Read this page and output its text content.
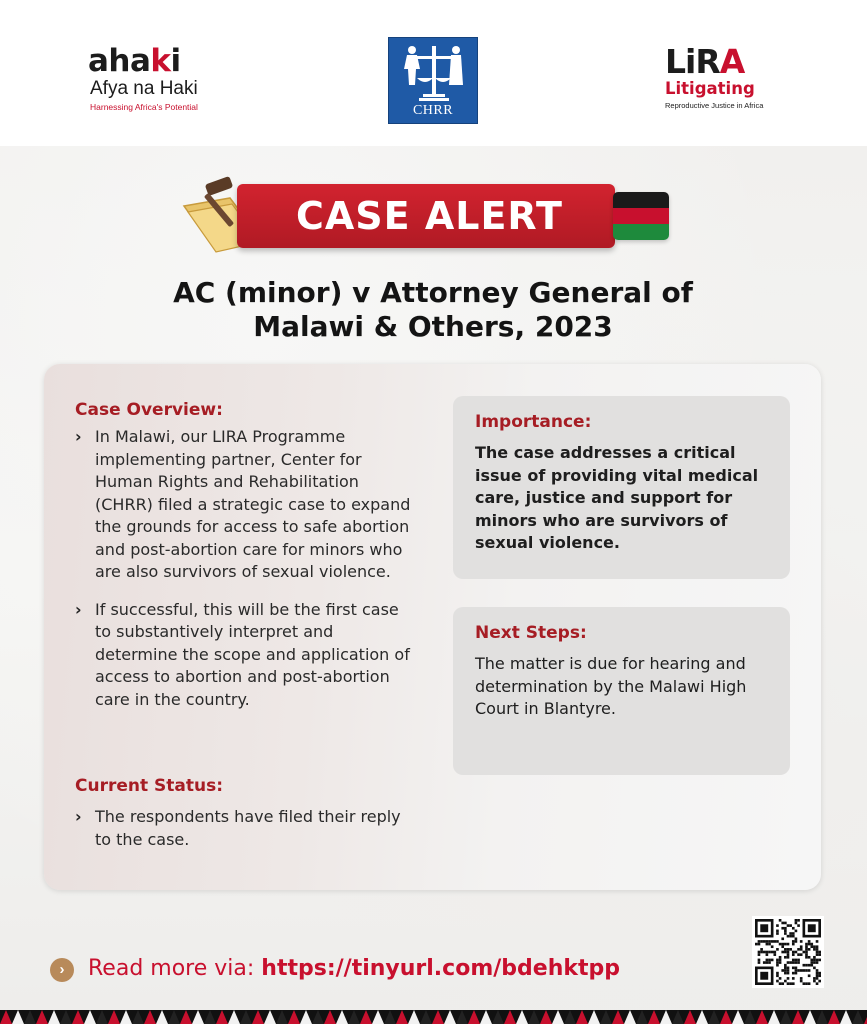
ahaki
Afya na Haki
Harnessing Africa's Potential	CHRR
LiRA
Litigating
Reproductive Justice in Africa
CASE ALERT
AC (minor) v Attorney General of
Malawi & Others, 2023
Case Overview:
› In Malawi, our LIRA Programme implementing partner, Center for Human Rights and Rehabilitation (CHRR) filed a strategic case to expand the grounds for access to safe abortion and post-abortion care for minors who are also survivors of sexual violence.
› If successful, this will be the first case to substantively interpret and determine the scope and application of access to abortion and post-abortion care in the country.
Current Status:
› The respondents have filed their reply to the case.
Importance:
The case addresses a critical issue of providing vital medical care, justice and support for minors who are survivors of sexual violence.
Next Steps:
The matter is due for hearing and determination by the Malawi High Court in Blantyre.
›	Read more via: https://tinyurl.com/bdehktpp
